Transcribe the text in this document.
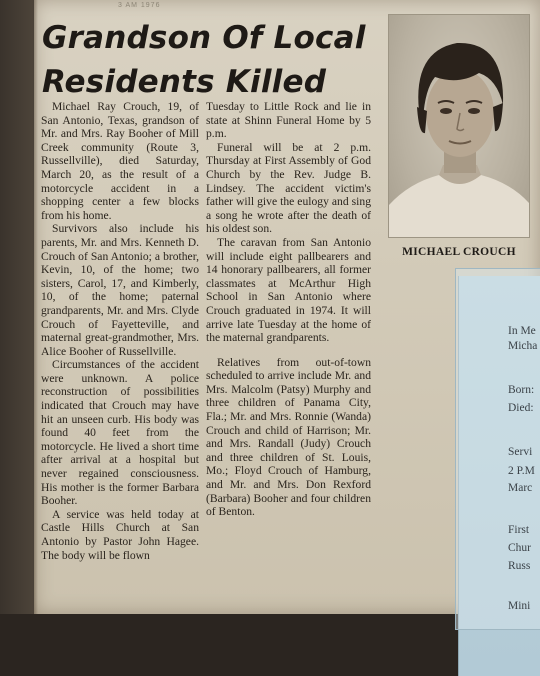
3 AM 1976
Grandson Of Local
Residents Killed

Michael Ray Crouch, 19, of San Antonio, Texas, grandson of Mr. and Mrs. Ray Booher of Mill Creek community (Route 3, Russellville), died Saturday, March 20, as the result of a motorcycle accident in a shopping center a few blocks from his home.

Survivors also include his parents, Mr. and Mrs. Kenneth D. Crouch of San Antonio; a brother, Kevin, 10, of the home; two sisters, Carol, 17, and Kimberly, 10, of the home; paternal grandparents, Mr. and Mrs. Clyde Crouch of Fayetteville, and maternal great-grandmother, Mrs. Alice Booher of Russellville.

Circumstances of the accident were unknown. A police reconstruction of possibilities indicated that Crouch may have hit an unseen curb. His body was found 40 feet from the motorcycle. He lived a short time after arrival at a hospital but never regained consciousness. His mother is the former Barbara Booher.

A service was held today at Castle Hills Church at San Antonio by Pastor John Hagee. The body will be flown

Tuesday to Little Rock and lie in state at Shinn Funeral Home by 5 p.m.

Funeral will be at 2 p.m. Thursday at First Assembly of God Church by the Rev. Judge B. Lindsey. The accident victim's father will give the eulogy and sing a song he wrote after the death of his oldest son.

The caravan from San Antonio will include eight pallbearers and 14 honorary pallbearers, all former classmates at McArthur High School in San Antonio where Crouch graduated in 1974. It will arrive late Tuesday at the home of the maternal grandparents.

Relatives from out-of-town scheduled to arrive include Mr. and Mrs. Malcolm (Patsy) Murphy and three children of Panama City, Fla.; Mr. and Mrs. Ronnie (Wanda) Crouch and child of Harrison; Mr. and Mrs. Randall (Judy) Crouch and three children of St. Louis, Mo.; Floyd Crouch of Hamburg, and Mr. and Mrs. Don Rexford (Barbara) Booher and four children of Benton.

MICHAEL CROUCH
In Me
Micha
Born:
Died:
Servi
2 P.M
Marc
First
Chur
Russ
Mini
